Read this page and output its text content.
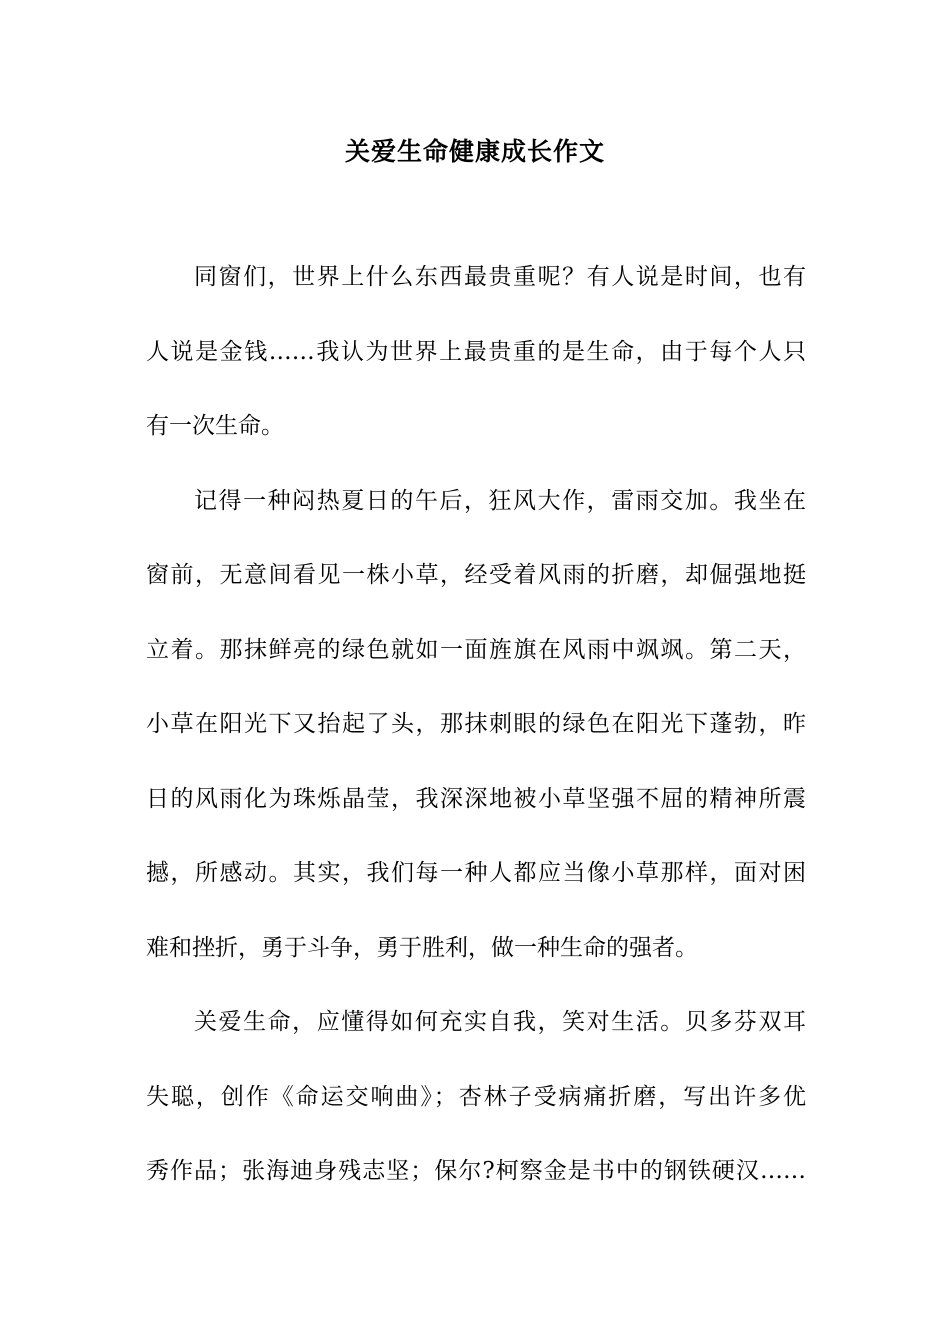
关爱生命健康成长作文
同窗们，世界上什么东西最贵重呢？有人说是时间，也有
人说是金钱……我认为世界上最贵重的是生命，由于每个人只
有一次生命。
记得一种闷热夏日的午后，狂风大作，雷雨交加。我坐在
窗前，无意间看见一株小草，经受着风雨的折磨，却倔强地挺
立着。那抹鲜亮的绿色就如一面旌旗在风雨中飒飒。第二天，
小草在阳光下又抬起了头，那抹刺眼的绿色在阳光下蓬勃，昨
日的风雨化为珠烁晶莹，我深深地被小草坚强不屈的精神所震
撼，所感动。其实，我们每一种人都应当像小草那样，面对困
难和挫折，勇于斗争，勇于胜利，做一种生命的强者。
关爱生命，应懂得如何充实自我，笑对生活。贝多芬双耳
失聪，创作《命运交响曲》；杏林子受病痛折磨，写出许多优
秀作品；张海迪身残志坚；保尔?柯察金是书中的钢铁硬汉……
